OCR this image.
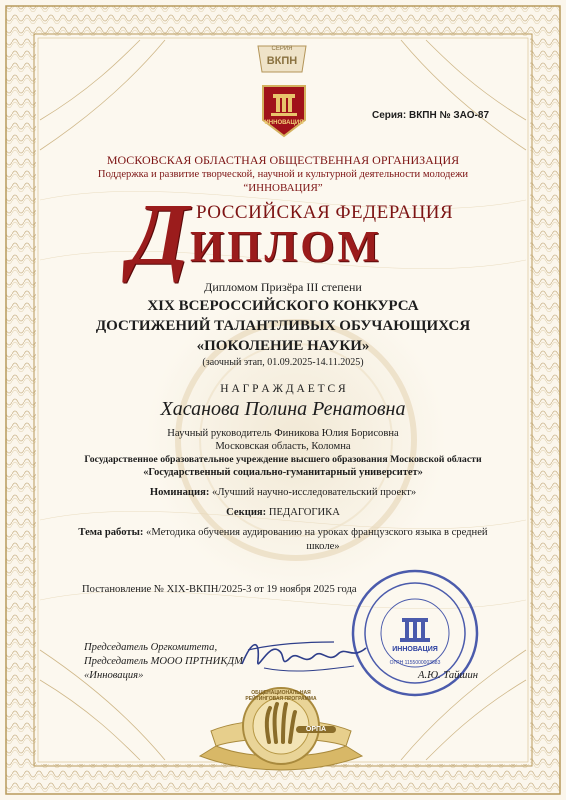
СЕРИЯ
ВКПН
ИННОВАЦИЯ
Серия: ВКПН № ЗАО-87
МОСКОВСКАЯ ОБЛАСТНАЯ ОБЩЕСТВЕННАЯ ОРГАНИЗАЦИЯ
Поддержка и развитие творческой, научной и культурной деятельности молодежи
“ИННОВАЦИЯ”
РОССИЙСКАЯ ФЕДЕРАЦИЯ
Д ИПЛОМ
Дипломом Призёра III степени
XIX ВСЕРОССИЙСКОГО КОНКУРСА
ДОСТИЖЕНИЙ ТАЛАНТЛИВЫХ ОБУЧАЮЩИХСЯ
«ПОКОЛЕНИЕ НАУКИ»
(заочный этап, 01.09.2025-14.11.2025)
Н А Г Р А Ж Д А Е Т С Я
Хасанова Полина Ренатовна
Научный руководитель Финикова Юлия Борисовна
Московская область, Коломна
Государственное образовательное учреждение высшего образования Московской области
«Государственный социально-гуманитарный университет»
Номинация: «Лучший научно-исследовательский проект»
Секция: ПЕДАГОГИКА
Тема работы: «Методика обучения аудированию на уроках французского языка в средней
школе»
Постановление № XIX-ВКПН/2025-3 от 19 ноября 2025 года
Председатель Оргкомитета,
Председатель МООО ПРТНИКДМ
«Инновация»
ИННОВАЦИЯ
ОГРН 1155000003683
А.Ю. Тайшин
ОБЩЕНАЦИОНАЛЬНАЯ РЕЙТИНГОВАЯ ПРОГРАММА
ОРПА
